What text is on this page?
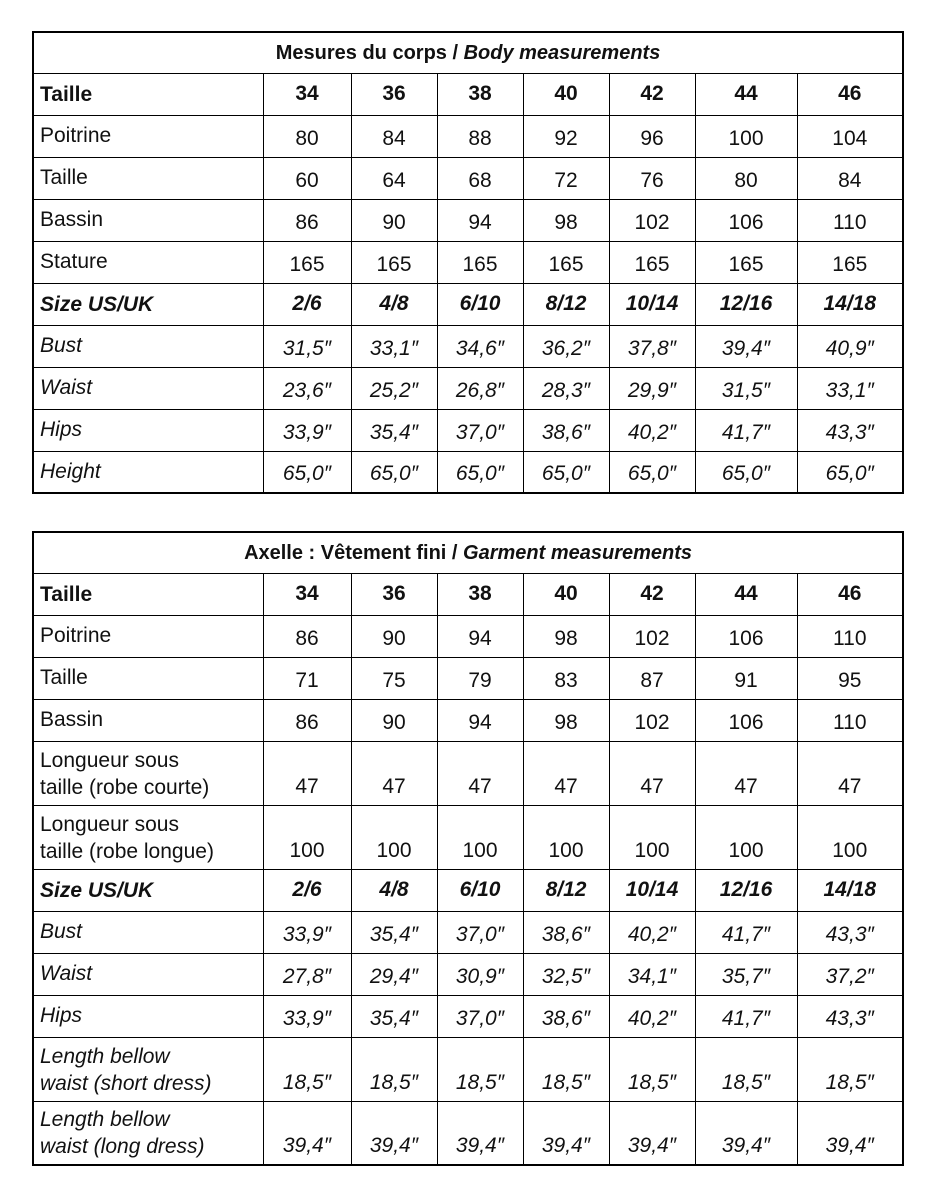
Mesures du corps / Body measurements							
Taille	34	36	38	40	42	44	46
Poitrine	80	84	88	92	96	100	104
Taille	60	64	68	72	76	80	84
Bassin	86	90	94	98	102	106	110
Stature	165	165	165	165	165	165	165
Size US/UK	2/6	4/8	6/10	8/12	10/14	12/16	14/18
Bust	31,5″	33,1″	34,6″	36,2″	37,8″	39,4″	40,9″
Waist	23,6″	25,2″	26,8″	28,3″	29,9″	31,5″	33,1″
Hips	33,9″	35,4″	37,0″	38,6″	40,2″	41,7″	43,3″
Height	65,0″	65,0″	65,0″	65,0″	65,0″	65,0″	65,0″
Axelle : Vêtement fini / Garment measurements							
Taille	34	36	38	40	42	44	46
Poitrine	86	90	94	98	102	106	110
Taille	71	75	79	83	87	91	95
Bassin	86	90	94	98	102	106	110
Longueur sous
taille (robe courte)	47	47	47	47	47	47	47
Longueur sous
taille (robe longue)	100	100	100	100	100	100	100
Size US/UK	2/6	4/8	6/10	8/12	10/14	12/16	14/18
Bust	33,9″	35,4″	37,0″	38,6″	40,2″	41,7″	43,3″
Waist	27,8″	29,4″	30,9″	32,5″	34,1″	35,7″	37,2″
Hips	33,9″	35,4″	37,0″	38,6″	40,2″	41,7″	43,3″
Length bellow
waist (short dress)	18,5″	18,5″	18,5″	18,5″	18,5″	18,5″	18,5″
Length bellow
waist (long dress)	39,4″	39,4″	39,4″	39,4″	39,4″	39,4″	39,4″
